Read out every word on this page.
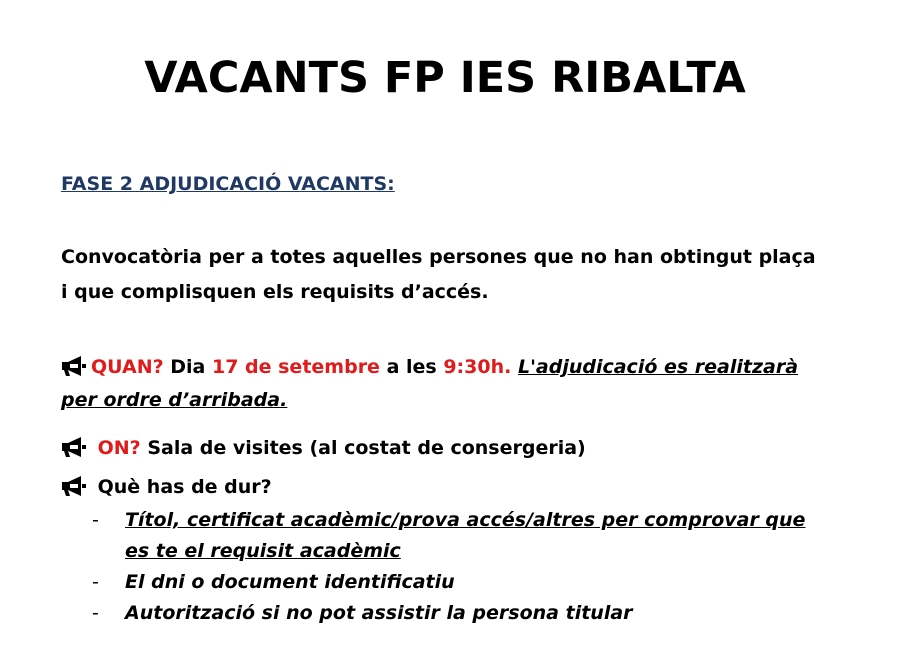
VACANTS FP IES RIBALTA
FASE 2 ADJUDICACIÓ VACANTS:
Convocatòria per a totes aquelles persones que no han obtingut plaça
i que complisquen els requisits d’accés.
QUAN? Dia 17 de setembre a les 9:30h. L'adjudicació es realitzarà
per ordre d’arribada.
ON? Sala de visites (al costat de consergeria)
Què has de dur?
- Títol, certificat acadèmic/prova accés/altres per comprovar que
es te el requisit acadèmic
- El dni o document identificatiu
- Autorització si no pot assistir la persona titular
